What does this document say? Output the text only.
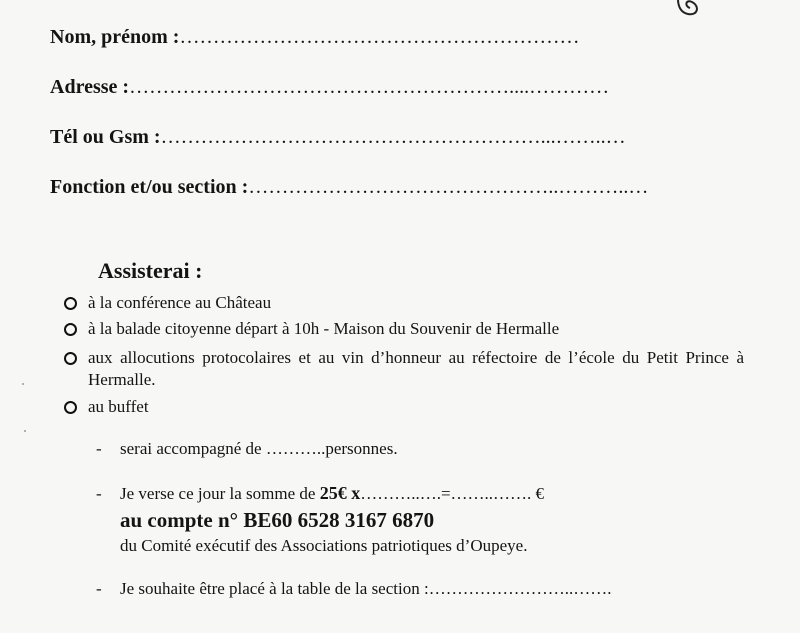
Nom, prénom :……………………………………………………
Adresse :…………………………………………………....…………
Tél ou Gsm :…………………………………………………...……..…
Fonction et/ou section :………………………………………..………..…
Assisterai :
à la conférence au Château
à la balade citoyenne départ à 10h - Maison du Souvenir de Hermalle
aux allocutions protocolaires et au vin d’honneur au réfectoire de l’école du Petit Prince à Hermalle.
au buffet
- serai accompagné de ………..personnes.
- Je verse ce jour la somme de 25€ x………..….=……..……. €
au compte n° BE60 6528 3167 6870
du Comité exécutif des Associations patriotiques d’Oupeye.
- Je souhaite être placé à la table de la section :……………………..…….
